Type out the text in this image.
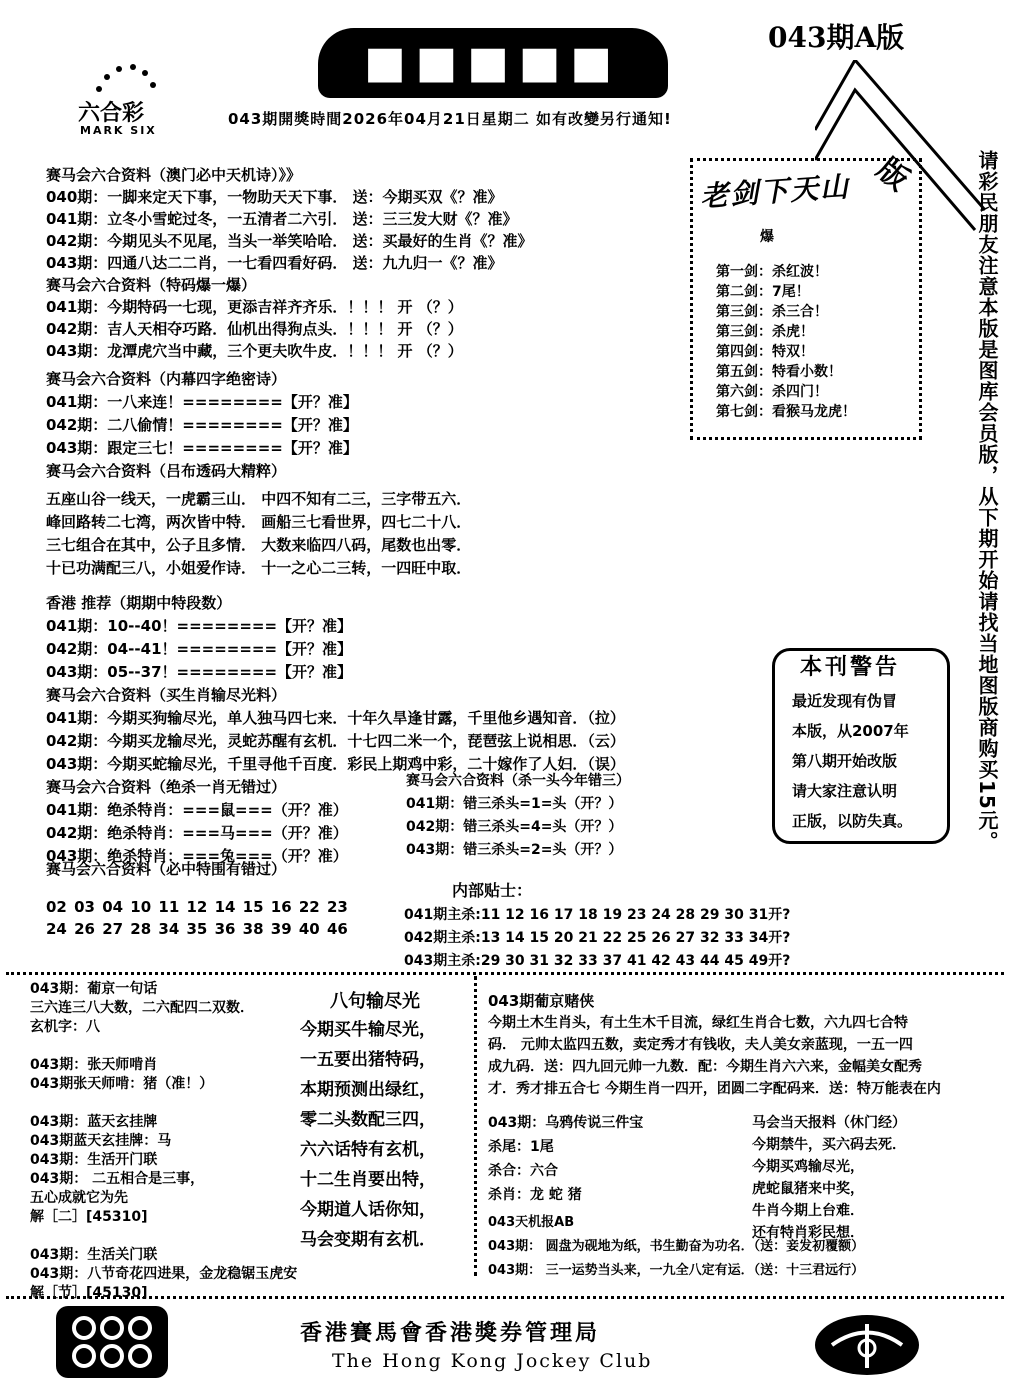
■■■■■	043期A版
六合彩
MARK SIX
043期開獎時間2026年04月21日星期二 如有改變另行通知!
赛马会六合资料（澳门必中天机诗）》》
040期：一脚来定天下事，一物助天天下事． 送：今期买双《？准》
041期：立冬小雪蛇过冬，一五清者二六引． 送：三三发大财《？准》
042期：今期见头不见尾，当头一举笑哈哈． 送：买最好的生肖《？准》
043期：四通八达二二肖，一七看四看好码． 送：九九归一《？准》
赛马会六合资料（特码爆一爆）
041期：今期特码一七现，更添吉祥齐齐乐．！！！ 开 （？）
042期：吉人天相夺巧路．仙机出得狗点头．！！！ 开 （？）
043期：龙潭虎穴当中藏，三个更夫吹牛皮．！！！ 开 （？）
赛马会六合资料（内幕四字绝密诗）
041期：一八来连！========【开？准】
042期：二八偷情！========【开？准】
043期：跟定三七！========【开？准】
赛马会六合资料（吕布透码大精粹）
五座山谷一线天，一虎霸三山． 中四不知有二三，三字带五六．
峰回路转二七湾，两次皆中特． 画船三七看世界，四七二十八．
三七组合在其中，公子且多情． 大数来临四八码，尾数也出零．
十已功满配三八，小姐爱作诗． 十一之心二三转，一四旺中取．
香港 推荐（期期中特段数）
041期：10--40！========【开？准】
042期：04--41！========【开？准】
043期：05--37！========【开？准】
赛马会六合资料（买生肖输尽光料）
041期：今期买狗输尽光，单人独马四七来．十年久旱逢甘露，千里他乡遇知音．（拉）
042期：今期买龙输尽光，灵蛇苏醒有玄机．十七四二米一个，琵琶弦上说相思．（云）
043期：今期买蛇输尽光，千里寻他千百度．彩民上期鸡中彩，二十嫁作了人妇．（误）
赛马会六合资料（绝杀一肖无错过）
041期：绝杀特肖：===鼠===（开？准）
042期：绝杀特肖：===马===（开？准）
043期：绝杀特肖：===兔===（开？准）
赛马会六合资料（杀一头今年错三）
041期：错三杀头=1=头（开？）
042期：错三杀头=4=头（开？）
043期：错三杀头=2=头（开？）
老剑下天山
爆
版
第一剑：杀红波！
第二剑：7尾！
第三剑：杀三合！
第三剑：杀虎！
第四剑：特双！
第五剑：特看小数！
第六剑：杀四门！
第七剑：看猴马龙虎！	请彩民朋友注意本版是图库会员版，从下期开始请找当地图版商购买15元。
本刊警告
最近发现有伪冒
本版，从2007年
第八期开始改版
请大家注意认明
正版，以防失真。
赛马会六合资料（必中特围有错过）
02 03 04 10 11 12 14 15 16 22 23
24 26 27 28 34 35 36 38 39 40 46
内部贴士：
041期主杀:11 12 16 17 18 19 23 24 28 29 30 31开?
042期主杀:13 14 15 20 21 22 25 26 27 32 33 34开?
043期主杀:29 30 31 32 33 37 41 42 43 44 45 49开?
043期：葡京一句话
三六连三八大数，二六配四二双数．
玄机字：八
043期：张天师啃肖
043期张天师啃：猪（准！）
043期：蓝天玄挂牌
043期蓝天玄挂牌：马
043期：生活开门联
043期： 二五相合是三事，
五心成就它为先
解［二］[45310]
043期：生活关门联
043期：八节奇花四进果，金龙稳锯玉虎安
解［节］[45130]
八句输尽光
今期买牛输尽光，
一五要出猪特码，
本期预测出绿红，
零二头数配三四，
六六话特有玄机，
十二生肖要出特，
今期道人话你知，
马会变期有玄机．
043期葡京赌侠
今期土木生肖头，有土生木千目流，绿红生肖合七数，六九四七合特
码． 元帅太监四五数，卖定秀才有钱收，夫人美女亲蓝现，一五一四
成九码．送：四九回元帅一九数．配：今期生肖六六来，金幅美女配秀
才．秀才排五合七 今期生肖一四开，团圆二字配码来．送：特万能表在内
043期：乌鸦传说三件宝
杀尾：1尾
杀合：六合
杀肖：龙 蛇 猪
马会当天报料（休门经）
今期禁牛，买六码去死．
今期买鸡输尽光，
虎蛇鼠猪来中奖，
牛肖今期上台难．
还有特肖彩民想．
043天机报AB
043期： 圆盘为砚地为纸，书生勤奋为功名．（送：妾发初覆额）
043期： 三一运势当头来，一九全八定有运．（送：十三君远行）
香港賽馬會香港獎券管理局
The Hong Kong Jockey Club
